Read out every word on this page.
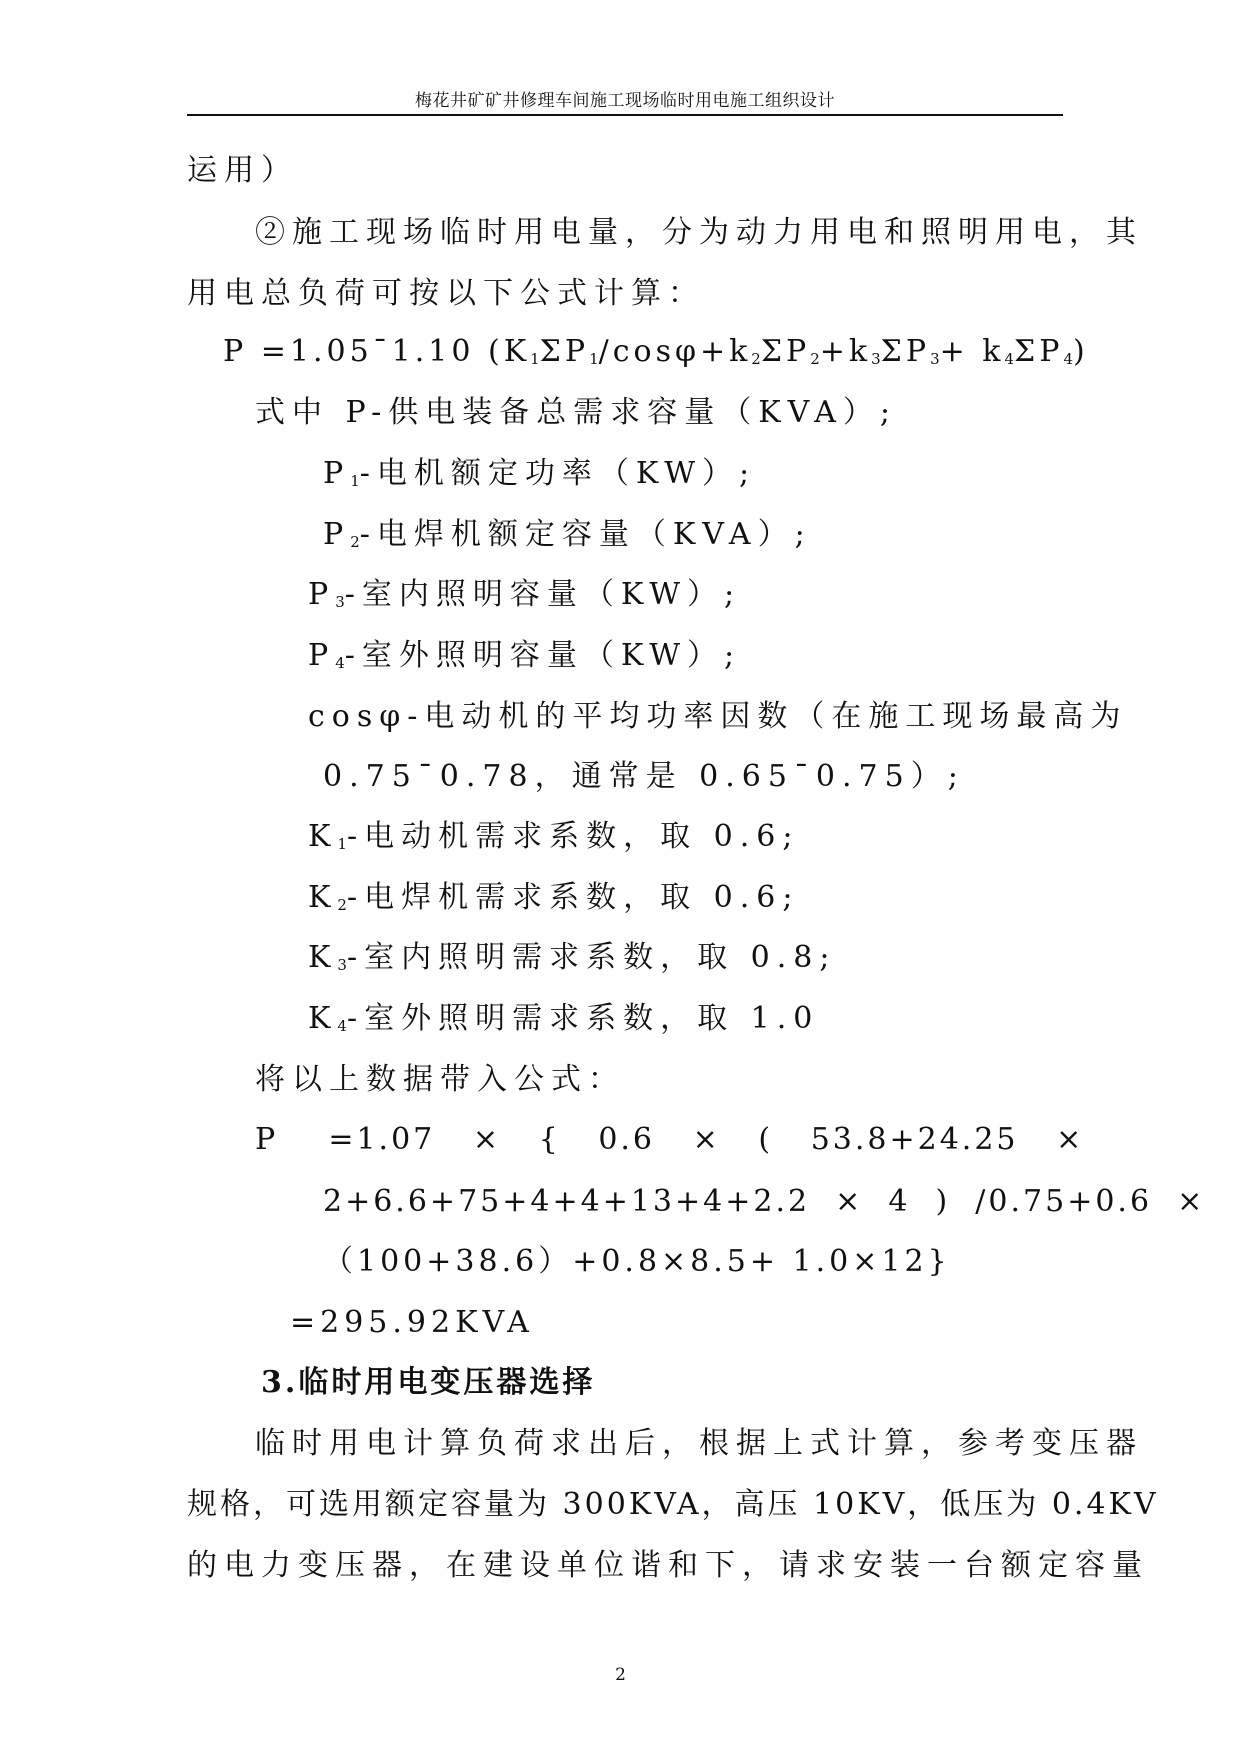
梅花井矿矿井修理车间施工现场临时用电施工组织设计
运用）
②施工现场临时用电量，分为动力用电和照明用电，其
用电总负荷可按以下公式计算：
P =1.05¯1.10 $(K_1\Sigma P_1/\cos\varphi+k_2\Sigma P_2+k_3\Sigma P_3+ k_4\Sigma P_4)$
式中 P-供电装备总需求容量（KVA）;
$P_1-$电机额定功率（KW）;
$P_2-$电焊机额定容量（KVA）;
$P_3-$室内照明容量（KW）;
$P_4-$室外照明容量（KW）;
cosφ-电动机的平均功率因数（在施工现场最高为
0.75¯0.78，通常是 0.65¯0.75）;
$K_1-$电动机需求系数，取 0.6;
$K_2-$电焊机需求系数，取 0.6;
$K_3-$室内照明需求系数，取 0.8;
$K_4-$室外照明需求系数，取 1.0
将以上数据带入公式：
P    =1.07   ×   {   0.6   ×   (   53.8+24.25   ×
2+6.6+75+4+4+13+4+2.2  ×  4  )  /0.75+0.6  ×
（100+38.6）+0.8×8.5+ 1.0×12}
=295.92KVA
3.临时用电变压器选择
临时用电计算负荷求出后，根据上式计算，参考变压器
规格，可选用额定容量为 300KVA，高压 10KV，低压为 0.4KV
的电力变压器，在建设单位谐和下，请求安装一台额定容量
2
